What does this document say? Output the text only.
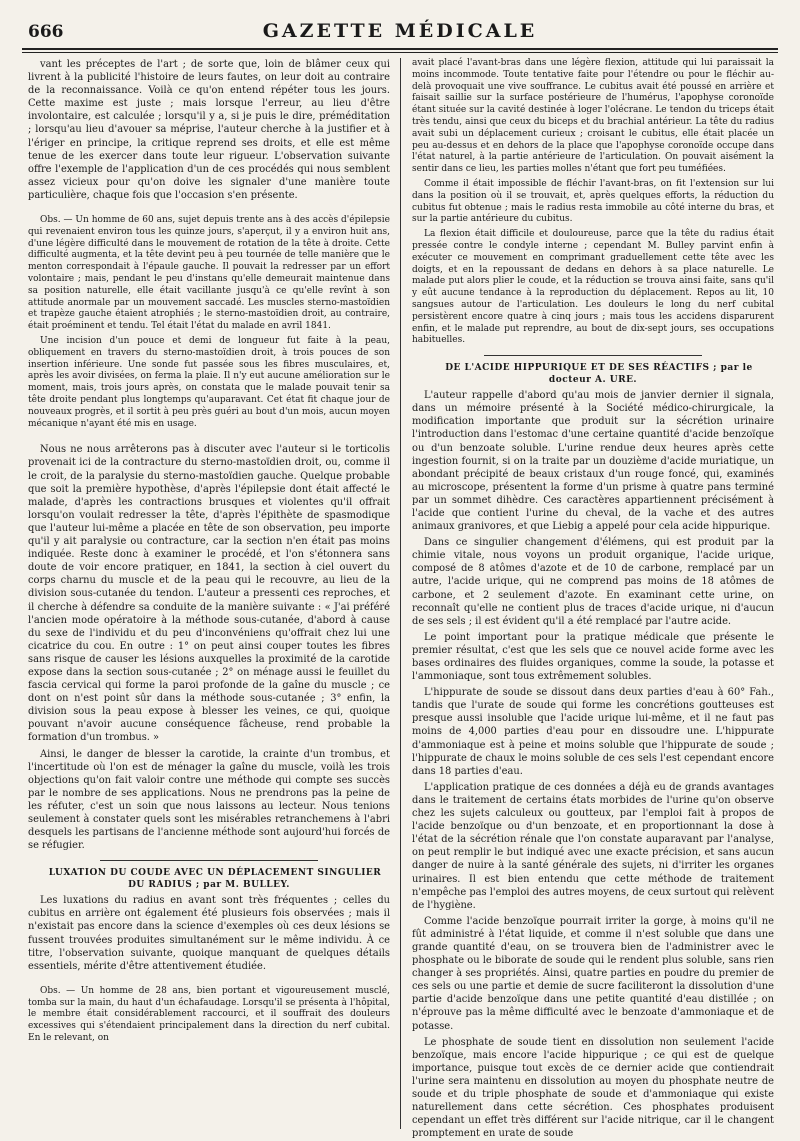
666	GAZETTE MÉDICALE

vant les préceptes de l'art ; de sorte que, loin de blâmer ceux qui livrent à la publicité l'histoire de leurs fautes, on leur doit au contraire de la reconnaissance. Voilà ce qu'on entend répéter tous les jours. Cette maxime est juste ; mais lorsque l'erreur, au lieu d'être involontaire, est calculée ; lorsqu'il y a, si je puis le dire, préméditation ; lorsqu'au lieu d'avouer sa méprise, l'auteur cherche à la justifier et à l'ériger en principe, la critique reprend ses droits, et elle est même tenue de les exercer dans toute leur rigueur. L'observation suivante offre l'exemple de l'application d'un de ces procédés qui nous semblent assez vicieux pour qu'on doive les signaler d'une manière toute particulière, chaque fois que l'occasion s'en présente.

Obs. — Un homme de 60 ans, sujet depuis trente ans à des accès d'épilepsie qui revenaient environ tous les quinze jours, s'aperçut, il y a environ huit ans, d'une légère difficulté dans le mouvement de rotation de la tête à droite. Cette difficulté augmenta, et la tête devint peu à peu tournée de telle manière que le menton correspondait à l'épaule gauche. Il pouvait la redresser par un effort volontaire ; mais, pendant le peu d'instans qu'elle demeurait maintenue dans sa position naturelle, elle était vacillante jusqu'à ce qu'elle revînt à son attitude anormale par un mouvement saccadé. Les muscles sterno-mastoïdien et trapèze gauche étaient atrophiés ; le sterno-mastoïdien droit, au contraire, était proéminent et tendu. Tel était l'état du malade en avril 1841.

Une incision d'un pouce et demi de longueur fut faite à la peau, obliquement en travers du sterno-mastoïdien droit, à trois pouces de son insertion inférieure. Une sonde fut passée sous les fibres musculaires, et, après les avoir divisées, on ferma la plaie. Il n'y eut aucune amélioration sur le moment, mais, trois jours après, on constata que le malade pouvait tenir sa tête droite pendant plus longtemps qu'auparavant. Cet état fit chaque jour de nouveaux progrès, et il sortit à peu près guéri au bout d'un mois, aucun moyen mécanique n'ayant été mis en usage.

Nous ne nous arrêterons pas à discuter avec l'auteur si le torticolis provenait ici de la contracture du sterno-mastoïdien droit, ou, comme il le croit, de la paralysie du sterno-mastoïdien gauche. Quelque probable que soit la première hypothèse, d'après l'épilepsie dont était affecté le malade, d'après les contractions brusques et violentes qu'il offrait lorsqu'on voulait redresser la tête, d'après l'épithète de spasmodique que l'auteur lui-même a placée en tête de son observation, peu importe qu'il y ait paralysie ou contracture, car la section n'en était pas moins indiquée. Reste donc à examiner le procédé, et l'on s'étonnera sans doute de voir encore pratiquer, en 1841, la section à ciel ouvert du corps charnu du muscle et de la peau qui le recouvre, au lieu de la division sous-cutanée du tendon. L'auteur a pressenti ces reproches, et il cherche à défendre sa conduite de la manière suivante : « J'ai préféré l'ancien mode opératoire à la méthode sous-cutanée, d'abord à cause du sexe de l'individu et du peu d'inconvéniens qu'offrait chez lui une cicatrice du cou. En outre : 1° on peut ainsi couper toutes les fibres sans risque de causer les lésions auxquelles la proximité de la carotide expose dans la section sous-cutanée ; 2° on ménage aussi le feuillet du fascia cervical qui forme la paroi profonde de la gaîne du muscle ; ce dont on n'est point sûr dans la méthode sous-cutanée ; 3° enfin, la division sous la peau expose à blesser les veines, ce qui, quoique pouvant n'avoir aucune conséquence fâcheuse, rend probable la formation d'un trombus. »

Ainsi, le danger de blesser la carotide, la crainte d'un trombus, et l'incertitude où l'on est de ménager la gaîne du muscle, voilà les trois objections qu'on fait valoir contre une méthode qui compte ses succès par le nombre de ses applications. Nous ne prendrons pas la peine de les réfuter, c'est un soin que nous laissons au lecteur. Nous tenions seulement à constater quels sont les misérables retranchemens à l'abri desquels les partisans de l'ancienne méthode sont aujourd'hui forcés de se réfugier.

LUXATION DU COUDE AVEC UN DÉPLACEMENT SINGULIER DU RADIUS ; par M. BULLEY.

Les luxations du radius en avant sont très fréquentes ; celles du cubitus en arrière ont également été plusieurs fois observées ; mais il n'existait pas encore dans la science d'exemples où ces deux lésions se fussent trouvées produites simultanément sur le même individu. À ce titre, l'observation suivante, quoique manquant de quelques détails essentiels, mérite d'être attentivement étudiée.

Obs. — Un homme de 28 ans, bien portant et vigoureusement musclé, tomba sur la main, du haut d'un échafaudage. Lorsqu'il se présenta à l'hôpital, le membre était considérablement raccourci, et il souffrait des douleurs excessives qui s'étendaient principalement dans la direction du nerf cubital. En le relevant, on

avait placé l'avant-bras dans une légère flexion, attitude qui lui paraissait la moins incommode. Toute tentative faite pour l'étendre ou pour le fléchir au-delà provoquait une vive souffrance. Le cubitus avait été poussé en arrière et faisait saillie sur la surface postérieure de l'humérus, l'apophyse coronoïde étant située sur la cavité destinée à loger l'olécrane. Le tendon du triceps était très tendu, ainsi que ceux du biceps et du brachial antérieur. La tête du radius avait subi un déplacement curieux ; croisant le cubitus, elle était placée un peu au-dessus et en dehors de la place que l'apophyse coronoïde occupe dans l'état naturel, à la partie antérieure de l'articulation. On pouvait aisément la sentir dans ce lieu, les parties molles n'étant que fort peu tuméfiées.

Comme il était impossible de fléchir l'avant-bras, on fit l'extension sur lui dans la position où il se trouvait, et, après quelques efforts, la réduction du cubitus fut obtenue ; mais le radius resta immobile au côté interne du bras, et sur la partie antérieure du cubitus.

La flexion était difficile et douloureuse, parce que la tête du radius était pressée contre le condyle interne ; cependant M. Bulley parvint enfin à exécuter ce mouvement en comprimant graduellement cette tête avec les doigts, et en la repoussant de dedans en dehors à sa place naturelle. Le malade put alors plier le coude, et la réduction se trouva ainsi faite, sans qu'il y eût aucune tendance à la reproduction du déplacement. Repos au lit, 10 sangsues autour de l'articulation. Les douleurs le long du nerf cubital persistèrent encore quatre à cinq jours ; mais tous les accidens disparurent enfin, et le malade put reprendre, au bout de dix-sept jours, ses occupations habituelles.

DE L'ACIDE HIPPURIQUE ET DE SES RÉACTIFS ; par le docteur A. URE.

L'auteur rappelle d'abord qu'au mois de janvier dernier il signala, dans un mémoire présenté à la Société médico-chirurgicale, la modification importante que produit sur la sécrétion urinaire l'introduction dans l'estomac d'une certaine quantité d'acide benzoïque ou d'un benzoate soluble. L'urine rendue deux heures après cette ingestion fournit, si on la traite par un douzième d'acide muriatique, un abondant précipité de beaux cristaux d'un rouge foncé, qui, examinés au microscope, présentent la forme d'un prisme à quatre pans terminé par un sommet dihèdre. Ces caractères appartiennent précisément à l'acide que contient l'urine du cheval, de la vache et des autres animaux granivores, et que Liebig a appelé pour cela acide hippurique.

Dans ce singulier changement d'élémens, qui est produit par la chimie vitale, nous voyons un produit organique, l'acide urique, composé de 8 atômes d'azote et de 10 de carbone, remplacé par un autre, l'acide urique, qui ne comprend pas moins de 18 atômes de carbone, et 2 seulement d'azote. En examinant cette urine, on reconnaît qu'elle ne contient plus de traces d'acide urique, ni d'aucun de ses sels ; il est évident qu'il a été remplacé par l'autre acide.

Le point important pour la pratique médicale que présente le premier résultat, c'est que les sels que ce nouvel acide forme avec les bases ordinaires des fluides organiques, comme la soude, la potasse et l'ammoniaque, sont tous extrêmement solubles.

L'hippurate de soude se dissout dans deux parties d'eau à 60° Fah., tandis que l'urate de soude qui forme les concrétions goutteuses est presque aussi insoluble que l'acide urique lui-même, et il ne faut pas moins de 4,000 parties d'eau pour en dissoudre une. L'hippurate d'ammoniaque est à peine et moins soluble que l'hippurate de soude ; l'hippurate de chaux le moins soluble de ces sels l'est cependant encore dans 18 parties d'eau.

L'application pratique de ces données a déjà eu de grands avantages dans le traitement de certains états morbides de l'urine qu'on observe chez les sujets calculeux ou goutteux, par l'emploi fait à propos de l'acide benzoïque ou d'un benzoate, et en proportionnant la dose à l'état de la sécrétion rénale que l'on constate auparavant par l'analyse, on peut remplir le but indiqué avec une exacte précision, et sans aucun danger de nuire à la santé générale des sujets, ni d'irriter les organes urinaires. Il est bien entendu que cette méthode de traitement n'empêche pas l'emploi des autres moyens, de ceux surtout qui relèvent de l'hygiène.

Comme l'acide benzoïque pourrait irriter la gorge, à moins qu'il ne fût administré à l'état liquide, et comme il n'est soluble que dans une grande quantité d'eau, on se trouvera bien de l'administrer avec le phosphate ou le biborate de soude qui le rendent plus soluble, sans rien changer à ses propriétés. Ainsi, quatre parties en poudre du premier de ces sels ou une partie et demie de sucre faciliteront la dissolution d'une partie d'acide benzoïque dans une petite quantité d'eau distillée ; on n'éprouve pas la même difficulté avec le benzoate d'ammoniaque et de potasse.

Le phosphate de soude tient en dissolution non seulement l'acide benzoïque, mais encore l'acide hippurique ; ce qui est de quelque importance, puisque tout excès de ce dernier acide que contiendrait l'urine sera maintenu en dissolution au moyen du phosphate neutre de soude et du triple phosphate de soude et d'ammoniaque qui existe naturellement dans cette sécrétion. Ces phosphates produisent cependant un effet très différent sur l'acide nitrique, car il le changent promptement en urate de soude
